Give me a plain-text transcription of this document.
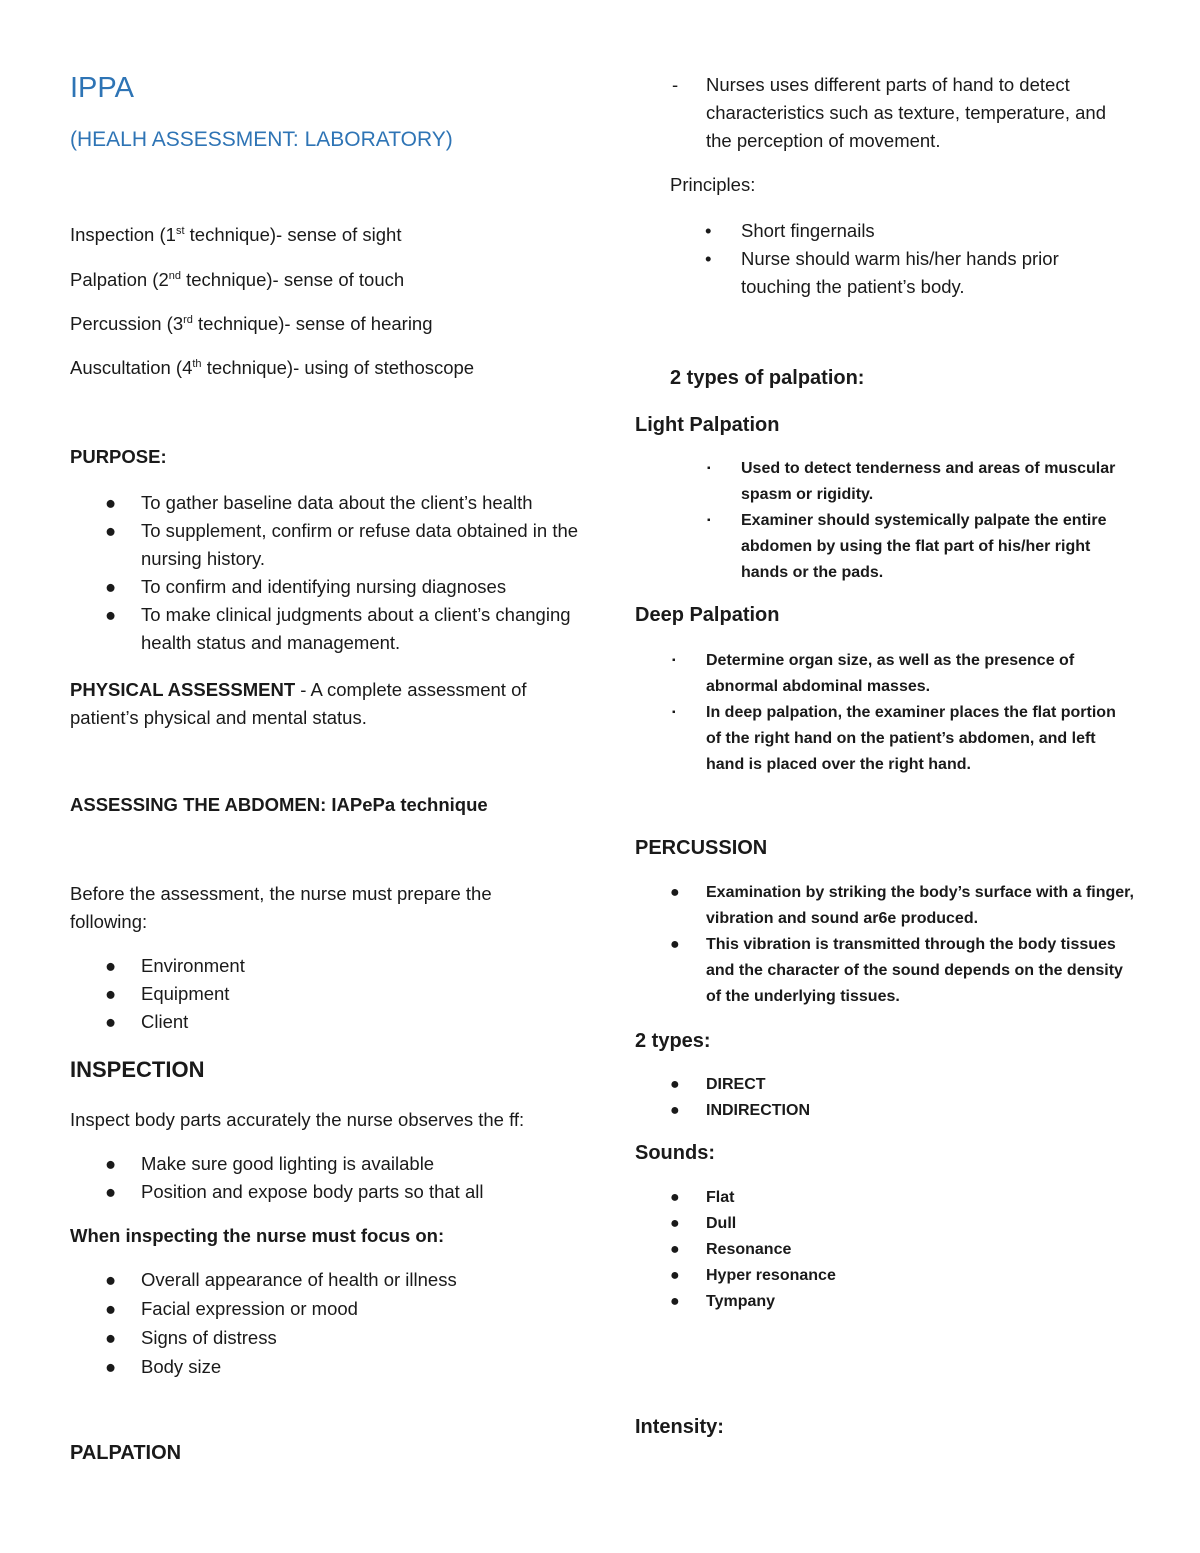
IPPA
(HEALH ASSESSMENT: LABORATORY)
Inspection (1st technique)- sense of sight
Palpation (2nd technique)- sense of touch
Percussion (3rd technique)- sense of hearing
Auscultation (4th technique)- using of stethoscope
PURPOSE:
● To gather baseline data about the client’s health
● To supplement, confirm or refuse data obtained in the nursing history.
● To confirm and identifying nursing diagnoses
● To make clinical judgments about a client’s changing health status and management.
PHYSICAL ASSESSMENT - A complete assessment of patient’s physical and mental status.
ASSESSING THE ABDOMEN: IAPePa technique
Before the assessment, the nurse must prepare the following:
● Environment
● Equipment
● Client
INSPECTION
Inspect body parts accurately the nurse observes the ff:
● Make sure good lighting is available
● Position and expose body parts so that all
When inspecting the nurse must focus on:
● Overall appearance of health or illness
● Facial expression or mood
● Signs of distress
● Body size
PALPATION
- Nurses uses different parts of hand to detect characteristics such as texture, temperature, and the perception of movement.
Principles:
• Short fingernails
• Nurse should warm his/her hands prior touching the patient’s body.
2 types of palpation:
Light Palpation
▪ Used to detect tenderness and areas of muscular spasm or rigidity.
▪ Examiner should systemically palpate the entire abdomen by using the flat part of his/her right hands or the pads.
Deep Palpation
▪ Determine organ size, as well as the presence of abnormal abdominal masses.
▪ In deep palpation, the examiner places the flat portion of the right hand on the patient’s abdomen, and left hand is placed over the right hand.
PERCUSSION
● Examination by striking the body’s surface with a finger, vibration and sound ar6e produced.
● This vibration is transmitted through the body tissues and the character of the sound depends on the density of the underlying tissues.
2 types:
● DIRECT
● INDIRECTION
Sounds:
● Flat
● Dull
● Resonance
● Hyper resonance
● Tympany
Intensity:
